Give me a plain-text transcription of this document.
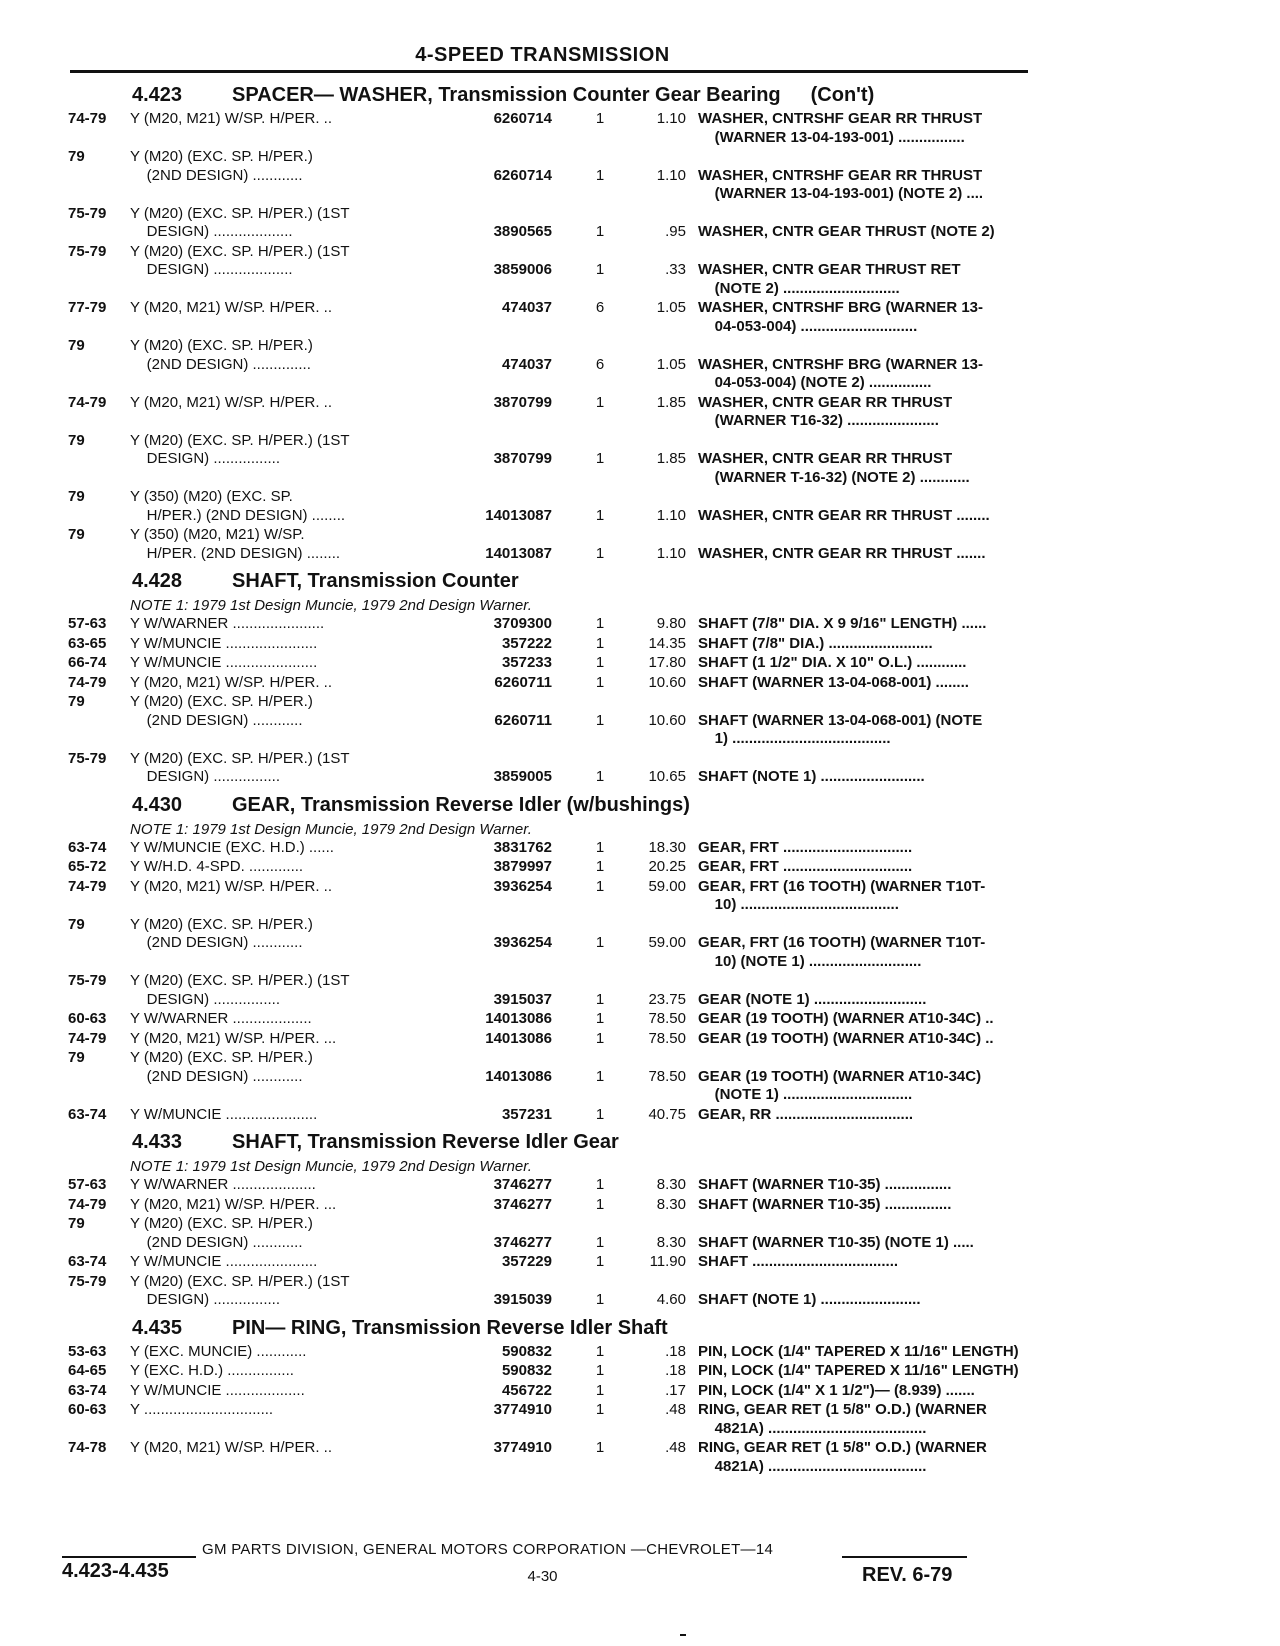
4-SPEED TRANSMISSION
4.423 SPACER— WASHER, Transmission Counter Gear Bearing (Con't)
74-79	Y (M20, M21) W/SP. H/PER. ..	6260714	1	1.10 WASHER, CNTRSHF GEAR RR THRUST
(WARNER 13-04-193-001) ................
79	Y (M20) (EXC. SP. H/PER.)
(2ND DESIGN) ............	6260714	1	1.10 WASHER, CNTRSHF GEAR RR THRUST
(WARNER 13-04-193-001) (NOTE 2) ....
75-79	Y (M20) (EXC. SP. H/PER.) (1ST
DESIGN) ...................	3890565	1	.95 WASHER, CNTR GEAR THRUST (NOTE 2)
75-79	Y (M20) (EXC. SP. H/PER.) (1ST
DESIGN) ...................	3859006	1	.33 WASHER, CNTR GEAR THRUST RET
(NOTE 2) ............................
77-79	Y (M20, M21) W/SP. H/PER. ..	474037	6	1.05 WASHER, CNTRSHF BRG (WARNER 13-
04-053-004) ............................
79	Y (M20) (EXC. SP. H/PER.)
(2ND DESIGN) ..............	474037	6	1.05 WASHER, CNTRSHF BRG (WARNER 13-
04-053-004) (NOTE 2) ...............
74-79	Y (M20, M21) W/SP. H/PER. ..	3870799	1	1.85 WASHER, CNTR GEAR RR THRUST
(WARNER T16-32) ......................
79	Y (M20) (EXC. SP. H/PER.) (1ST
DESIGN) ................	3870799	1	1.85 WASHER, CNTR GEAR RR THRUST
(WARNER T-16-32) (NOTE 2) ............
79	Y (350) (M20) (EXC. SP.
H/PER.) (2ND DESIGN) ........	14013087	1	1.10 WASHER, CNTR GEAR RR THRUST ........
79	Y (350) (M20, M21) W/SP.
H/PER. (2ND DESIGN) ........	14013087	1	1.10 WASHER, CNTR GEAR RR THRUST .......
4.428 SHAFT, Transmission Counter
NOTE 1: 1979 1st Design Muncie, 1979 2nd Design Warner.
57-63	Y W/WARNER ......................	3709300	1	9.80 SHAFT (7/8" DIA. X 9 9/16" LENGTH) ......
63-65	Y W/MUNCIE ......................	357222	1	14.35 SHAFT (7/8" DIA.) .........................
66-74	Y W/MUNCIE ......................	357233	1	17.80 SHAFT (1 1/2" DIA. X 10" O.L.) ............
74-79	Y (M20, M21) W/SP. H/PER. ..	6260711	1	10.60 SHAFT (WARNER 13-04-068-001) ........
79	Y (M20) (EXC. SP. H/PER.)
(2ND DESIGN) ............	6260711	1	10.60 SHAFT (WARNER 13-04-068-001) (NOTE
1) ......................................
75-79	Y (M20) (EXC. SP. H/PER.) (1ST
DESIGN) ................	3859005	1	10.65 SHAFT (NOTE 1) .........................
4.430 GEAR, Transmission Reverse Idler (w/bushings)
NOTE 1: 1979 1st Design Muncie, 1979 2nd Design Warner.
63-74	Y W/MUNCIE (EXC. H.D.) ......	3831762	1	18.30 GEAR, FRT ...............................
65-72	Y W/H.D. 4-SPD. .............	3879997	1	20.25 GEAR, FRT ...............................
74-79	Y (M20, M21) W/SP. H/PER. ..	3936254	1	59.00 GEAR, FRT (16 TOOTH) (WARNER T10T-
10) ......................................
79	Y (M20) (EXC. SP. H/PER.)
(2ND DESIGN) ............	3936254	1	59.00 GEAR, FRT (16 TOOTH) (WARNER T10T-
10) (NOTE 1) ...........................
75-79	Y (M20) (EXC. SP. H/PER.) (1ST
DESIGN) ................	3915037	1	23.75 GEAR (NOTE 1) ...........................
60-63	Y W/WARNER ...................	14013086	1	78.50 GEAR (19 TOOTH) (WARNER AT10-34C) ..
74-79	Y (M20, M21) W/SP. H/PER. ...	14013086	1	78.50 GEAR (19 TOOTH) (WARNER AT10-34C) ..
79	Y (M20) (EXC. SP. H/PER.)
(2ND DESIGN) ............	14013086	1	78.50 GEAR (19 TOOTH) (WARNER AT10-34C)
(NOTE 1) ...............................
63-74	Y W/MUNCIE ......................	357231	1	40.75 GEAR, RR .................................
4.433 SHAFT, Transmission Reverse Idler Gear
NOTE 1: 1979 1st Design Muncie, 1979 2nd Design Warner.
57-63	Y W/WARNER ....................	3746277	1	8.30 SHAFT (WARNER T10-35) ................
74-79	Y (M20, M21) W/SP. H/PER. ...	3746277	1	8.30 SHAFT (WARNER T10-35) ................
79	Y (M20) (EXC. SP. H/PER.)
(2ND DESIGN) ............	3746277	1	8.30 SHAFT (WARNER T10-35) (NOTE 1) .....
63-74	Y W/MUNCIE ......................	357229	1	11.90 SHAFT ...................................
75-79	Y (M20) (EXC. SP. H/PER.) (1ST
DESIGN) ................	3915039	1	4.60 SHAFT (NOTE 1) ........................
4.435 PIN— RING, Transmission Reverse Idler Shaft
53-63	Y (EXC. MUNCIE) ............	590832	1	.18 PIN, LOCK (1/4" TAPERED X 11/16" LENGTH)
64-65	Y (EXC. H.D.) ................	590832	1	.18 PIN, LOCK (1/4" TAPERED X 11/16" LENGTH)
63-74	Y W/MUNCIE ...................	456722	1	.17 PIN, LOCK (1/4" X 1 1/2")— (8.939) .......
60-63	Y ...............................	3774910	1	.48 RING, GEAR RET (1 5/8" O.D.) (WARNER
4821A) ......................................
74-78	Y (M20, M21) W/SP. H/PER. ..	3774910	1	.48 RING, GEAR RET (1 5/8" O.D.) (WARNER
4821A) ......................................
GM PARTS DIVISION, GENERAL MOTORS CORPORATION —CHEVROLET—14
4.423-4.435	4-30	REV. 6-79
